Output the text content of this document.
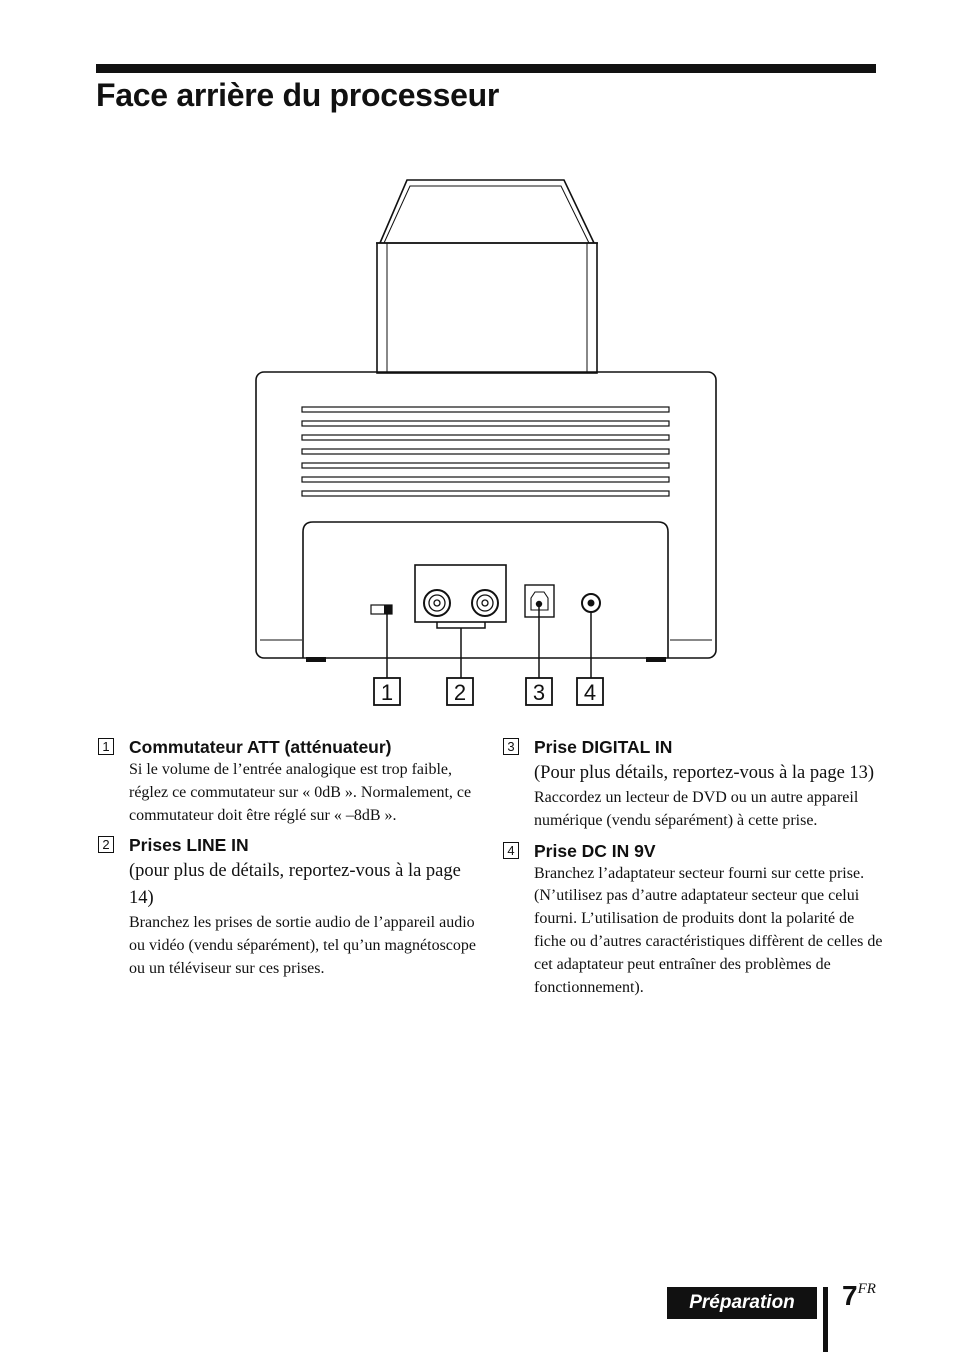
Face arrière du processeur
1	2	3 4
1 Commutateur ATT (atténuateur)
Si le volume de l’entrée analogique est trop faible, réglez ce commutateur sur « 0dB ». Normalement, ce commutateur doit être réglé sur « –8dB ».
2 Prises LINE IN
(pour plus de détails, reportez-vous à la page 14)
Branchez les prises de sortie audio de l’appareil audio ou vidéo (vendu séparément), tel qu’un magnétoscope ou un téléviseur sur ces prises.
3 Prise DIGITAL IN
(Pour plus détails, reportez-vous à la page 13)
Raccordez un lecteur de DVD ou un autre appareil numérique (vendu séparément) à cette prise.
4 Prise DC IN 9V
Branchez l’adaptateur secteur fourni sur cette prise. (N’utilisez pas d’autre adaptateur secteur que celui fourni. L’utilisation de produits dont la polarité de fiche ou d’autres caractéristiques diffèrent de celles de cet adaptateur peut entraîner des problèmes de fonctionnement).
Préparation	7FR
